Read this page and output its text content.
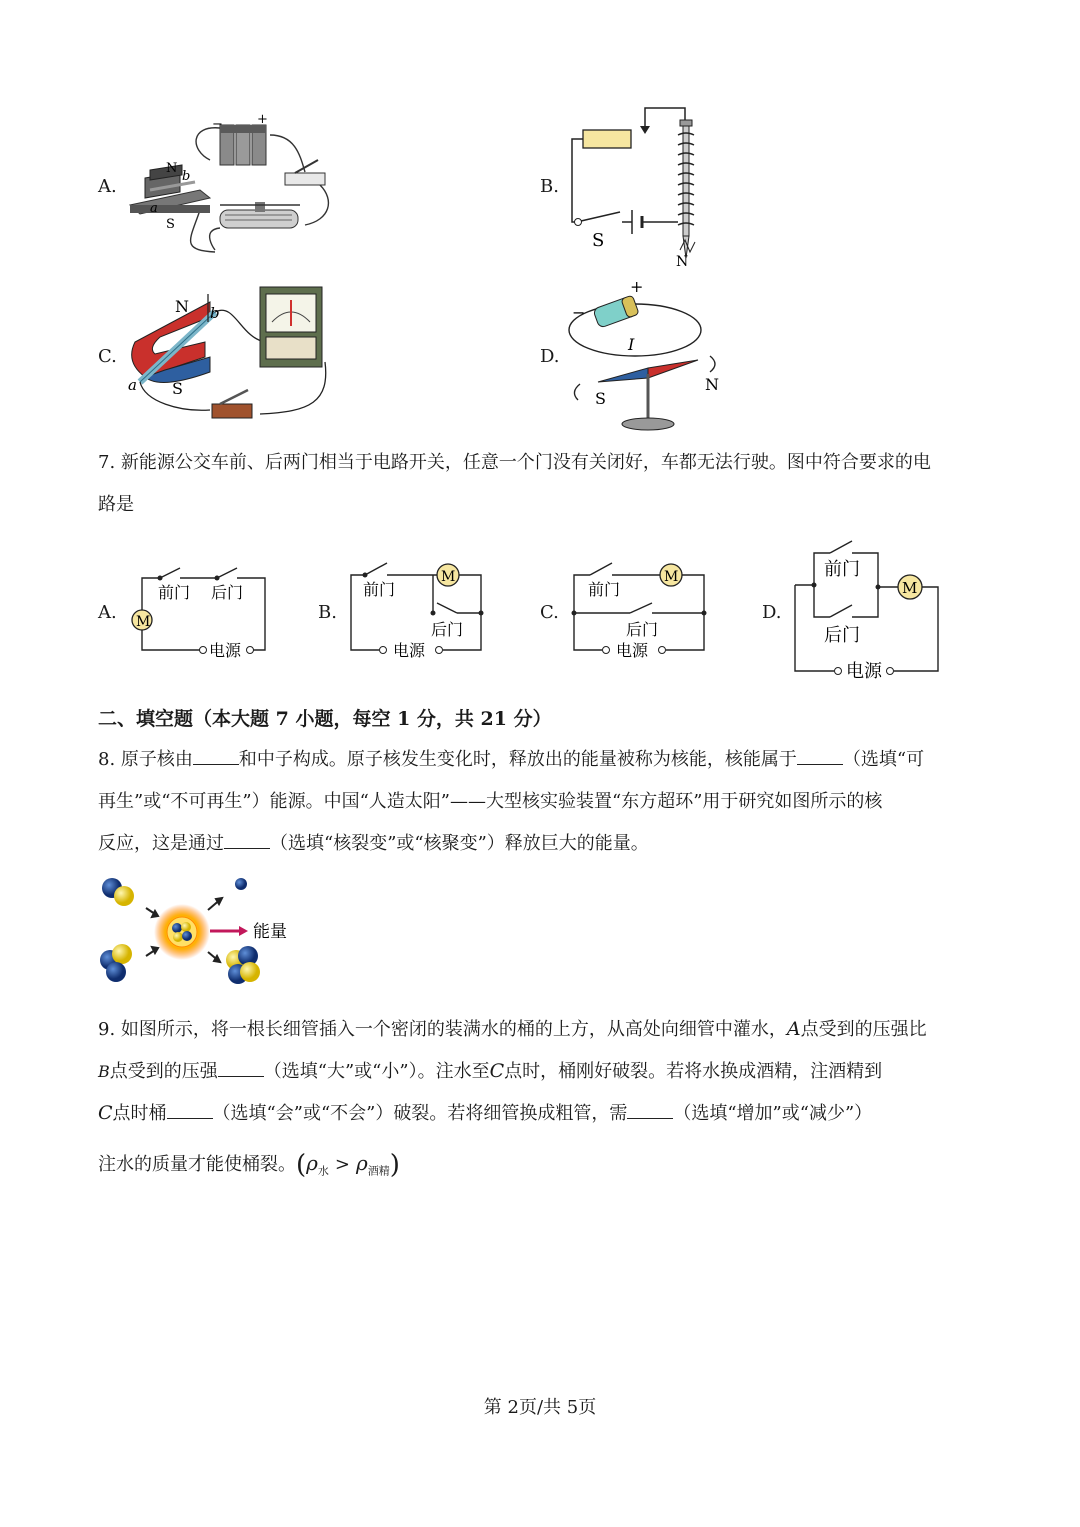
A.	B.
C.	D.
N
b
a
S
−	+
S
N
N b
a S
+
−
I
N
S
7. 新能源公交车前、后两门相当于电路开关，任意一个门没有关闭好，车都无法行驶。图中符合要求的电
路是
A.	B.	C.	D.
M
前门 后门
电源
M
前门
后门
电源
M
前门
后门
电源
M
前门
后门
电源
二、填空题（本大题 7 小题，每空 1 分，共 21 分）
8. 原子核由	和中子构成。原子核发生变化时，释放出的能量被称为核能，核能属于	（选填“可
再生”或“不可再生”）能源。中国“人造太阳”——大型核实验装置“东方超环”用于研究如图所示的核
反应，这是通过	（选填“核裂变”或“核聚变”）释放巨大的能量。
能量
9. 如图所示，将一根长细管插入一个密闭的装满水的桶的上方，从高处向细管中灌水，A点受到的压强比
B点受到的压强	（选填“大”或“小”）。注水至C点时，桶刚好破裂。若将水换成酒精，注酒精到
C点时桶	（选填“会”或“不会”）破裂。若将细管换成粗管，需	（选填“增加”或“减少”）
注水的质量才能使桶裂。$(\rho_水 > \rho_{酒精})$
第 2页/共 5页
